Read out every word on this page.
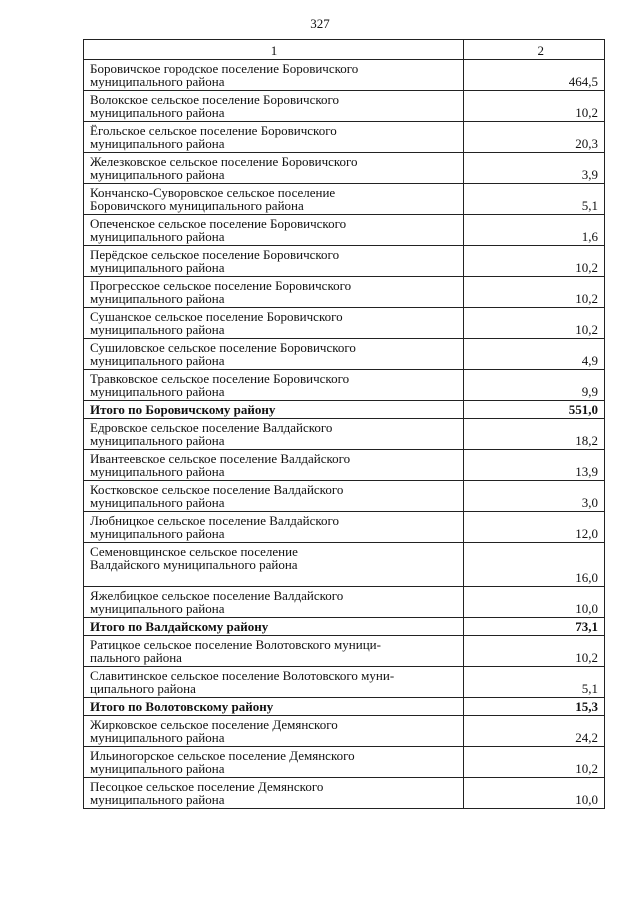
327
1	2

Боровичское городское поселение Боровичского
муниципального района	464,5

Волокское сельское поселение Боровичского
муниципального района	10,2

Ёгольское сельское поселение Боровичского
муниципального района	20,3

Железковское сельское поселение Боровичского
муниципального района	3,9

Кончанско-Суворовское сельское поселение
Боровичского муниципального района	5,1

Опеченское сельское поселение Боровичского
муниципального района	1,6

Перёдское сельское поселение Боровичского
муниципального района	10,2

Прогресское сельское поселение Боровичского
муниципального района	10,2

Сушанское сельское поселение Боровичского
муниципального района	10,2

Сушиловское сельское поселение Боровичского
муниципального района	4,9

Травковское сельское поселение Боровичского
муниципального района	9,9

Итого по Боровичскому району	551,0

Едровское сельское поселение Валдайского
муниципального района	18,2

Ивантеевское сельское поселение Валдайского
муниципального района	13,9

Костковское сельское поселение Валдайского
муниципального района	3,0

Любницкое сельское поселение Валдайского
муниципального района	12,0

Семеновщинское сельское поселение
Валдайского муниципального района	16,0

Яжелбицкое сельское поселение Валдайского
муниципального района	10,0

Итого по Валдайскому району	73,1

Ратицкое сельское поселение Волотовского муници-
пального района	10,2

Славитинское сельское поселение Волотовского муни-
ципального района	5,1

Итого по Волотовскому району	15,3

Жирковское сельское поселение Демянского
муниципального района	24,2

Ильиногорское сельское поселение Демянского
муниципального района	10,2

Песоцкое сельское поселение Демянского
муниципального района	10,0
